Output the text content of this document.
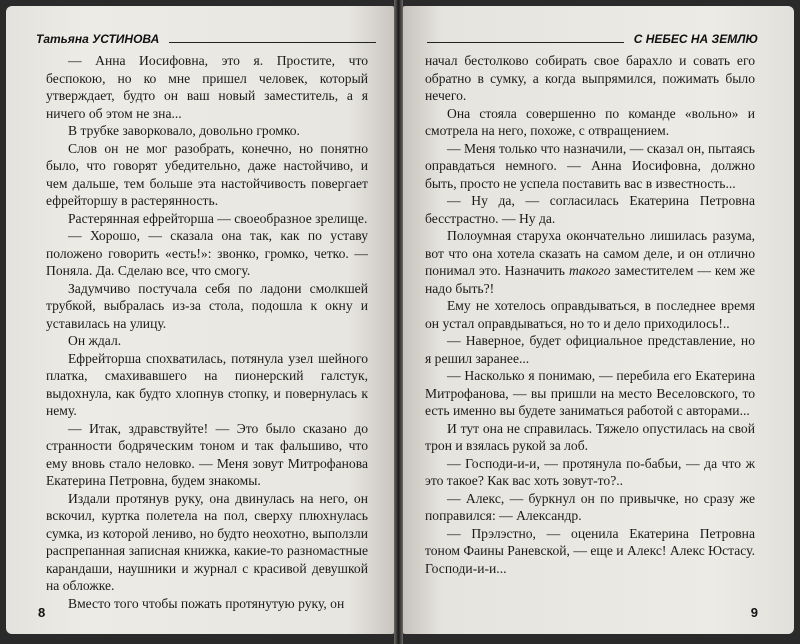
Татьяна УСТИНОВА

— Анна Иосифовна, это я. Простите, что беспокою, но ко мне пришел человек, который утверждает, будто он ваш новый заместитель, а я ничего об этом не зна...

В трубке заворковало, довольно громко.

Слов он не мог разобрать, конечно, но понятно было, что говорят убедительно, даже настойчиво, и чем дальше, тем больше эта настойчивость повергает ефрейторшу в растерянность.

Растерянная ефрейторша — своеобразное зрелище.

— Хорошо, — сказала она так, как по уставу положено говорить «есть!»: звонко, громко, четко. — Поняла. Да. Сделаю все, что смогу.

Задумчиво постучала себя по ладони смолкшей трубкой, выбралась из-за стола, подошла к окну и уставилась на улицу.

Он ждал.

Ефрейторша спохватилась, потянула узел шейного платка, смахивавшего на пионерский галстук, выдохнула, как будто хлопнув стопку, и повернулась к нему.

— Итак, здравствуйте! — Это было сказано до странности бодряческим тоном и так фальшиво, что ему вновь стало неловко. — Меня зовут Митрофанова Екатерина Петровна, будем знакомы.

Издали протянув руку, она двинулась на него, он вскочил, куртка полетела на пол, сверху плюхнулась сумка, из которой лениво, но будто неохотно, выползли распрепанная записная книжка, какие-то разномастные карандаши, наушники и журнал с красивой девушкой на обложке.

Вместо того чтобы пожать протянутую руку, он

8
С НЕБЕС НА ЗЕМЛЮ

начал бестолково собирать свое барахло и совать его обратно в сумку, а когда выпрямился, пожимать было нечего.

Она стояла совершенно по команде «вольно» и смотрела на него, похоже, с отвращением.

— Меня только что назначили, — сказал он, пытаясь оправдаться немного. — Анна Иосифовна, должно быть, просто не успела поставить вас в известность...

— Ну да, — согласилась Екатерина Петровна бесстрастно. — Ну да.

Полоумная старуха окончательно лишилась разума, вот что она хотела сказать на самом деле, и он отлично понимал это. Назначить такого заместителем — кем же надо быть?!

Ему не хотелось оправдываться, в последнее время он устал оправдываться, но то и дело приходилось!..

— Наверное, будет официальное представление, но я решил заранее...

— Насколько я понимаю, — перебила его Екатерина Митрофанова, — вы пришли на место Веселовского, то есть именно вы будете заниматься работой с авторами...

И тут она не справилась. Тяжело опустилась на свой трон и взялась рукой за лоб.

— Господи-и-и, — протянула по-бабьи, — да что ж это такое? Как вас хоть зовут-то?..

— Алекс, — буркнул он по привычке, но сразу же поправился: — Александр.

— Прэлэстно, — оценила Екатерина Петровна тоном Фаины Раневской, — еще и Алекс! Алекс Юстасу. Господи-и-и...

9
